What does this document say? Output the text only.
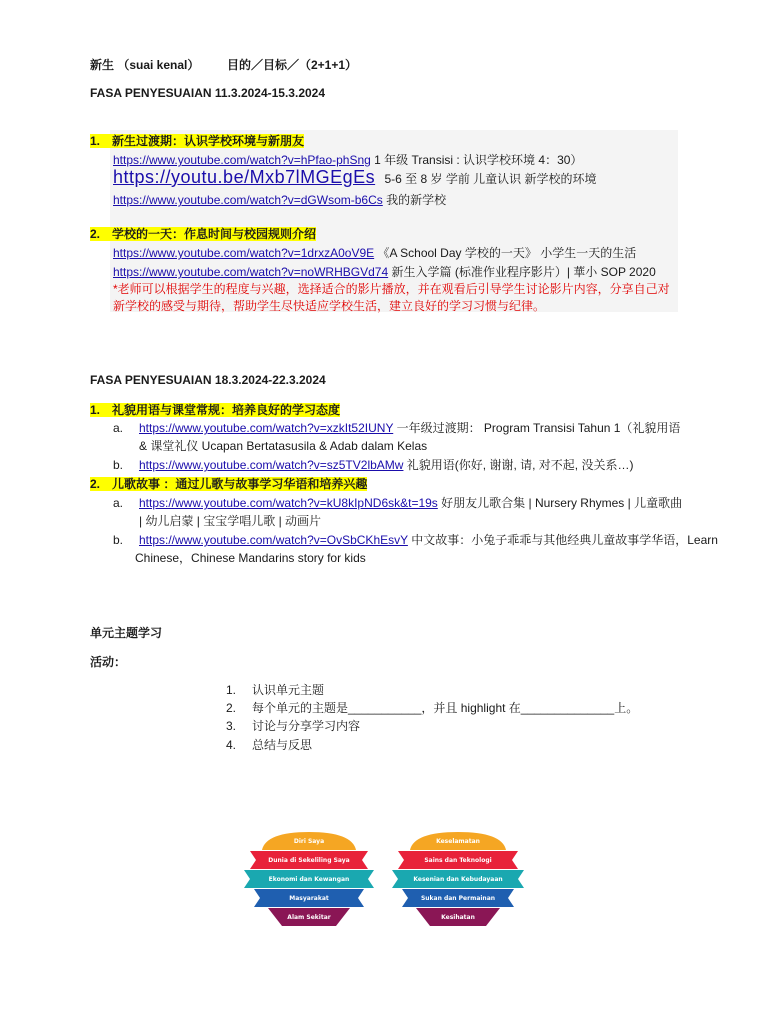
新生 （suai kenal） 目的／目标／（2+1+1）
FASA PENYESUAIAN 11.3.2024-15.3.2024
1. 新生过渡期：认识学校环境与新朋友
https://www.youtube.com/watch?v=hPfao-phSng 1 年级 Transisi : 认识学校环境 4：30）
https://youtu.be/Mxb7lMGEgEs 5-6 至 8 岁 学前 儿童认识 新学校的环境
https://www.youtube.com/watch?v=dGWsom-b6Cs 我的新学校
2. 学校的一天：作息时间与校园规则介绍
https://www.youtube.com/watch?v=1drxzA0oV9E 《A School Day 学校的一天》 小学生一天的生活
https://www.youtube.com/watch?v=noWRHBGVd74 新生入学篇 (标准作业程序影片）| 華小 SOP 2020
*老师可以根据学生的程度与兴趣，选择适合的影片播放，并在观看后引导学生讨论影片内容，分享自己对新学校的感受与期待，帮助学生尽快适应学校生活，建立良好的学习习惯与纪律。
FASA PENYESUAIAN 18.3.2024-22.3.2024
1. 礼貌用语与课堂常规：培养良好的学习态度
a. https://www.youtube.com/watch?v=xzkIt52IUNY 一年级过渡期： Program Transisi Tahun 1（礼貌用语
& 课堂礼仪 Ucapan Bertatasusila & Adab dalam Kelas
b. https://www.youtube.com/watch?v=sz5TV2lbAMw 礼貌用语(你好, 谢谢, 请, 对不起, 没关系…)
2. 儿歌故事 ：通过儿歌与故事学习华语和培养兴趣
a. https://www.youtube.com/watch?v=kU8kIpND6sk&t=19s 好朋友儿歌合集 | Nursery Rhymes | 儿童歌曲
| 幼儿启蒙 | 宝宝学唱儿歌 | 动画片
b. https://www.youtube.com/watch?v=OvSbCKhEsvY 中文故事：小兔子乖乖与其他经典儿童故事学华语，Learn
Chinese，Chinese Mandarins story for kids
单元主题学习
活动：
1. 认识单元主题
2. 每个单元的主题是___________，并且 highlight 在______________上。
3. 讨论与分享学习内容
4. 总结与反思
Diri Saya
Dunia di Sekeliling Saya
Ekonomi dan Kewangan
Masyarakat
Alam Sekitar
Keselamatan
Sains dan Teknologi
Kesenian dan Kebudayaan
Sukan dan Permainan
Kesihatan
